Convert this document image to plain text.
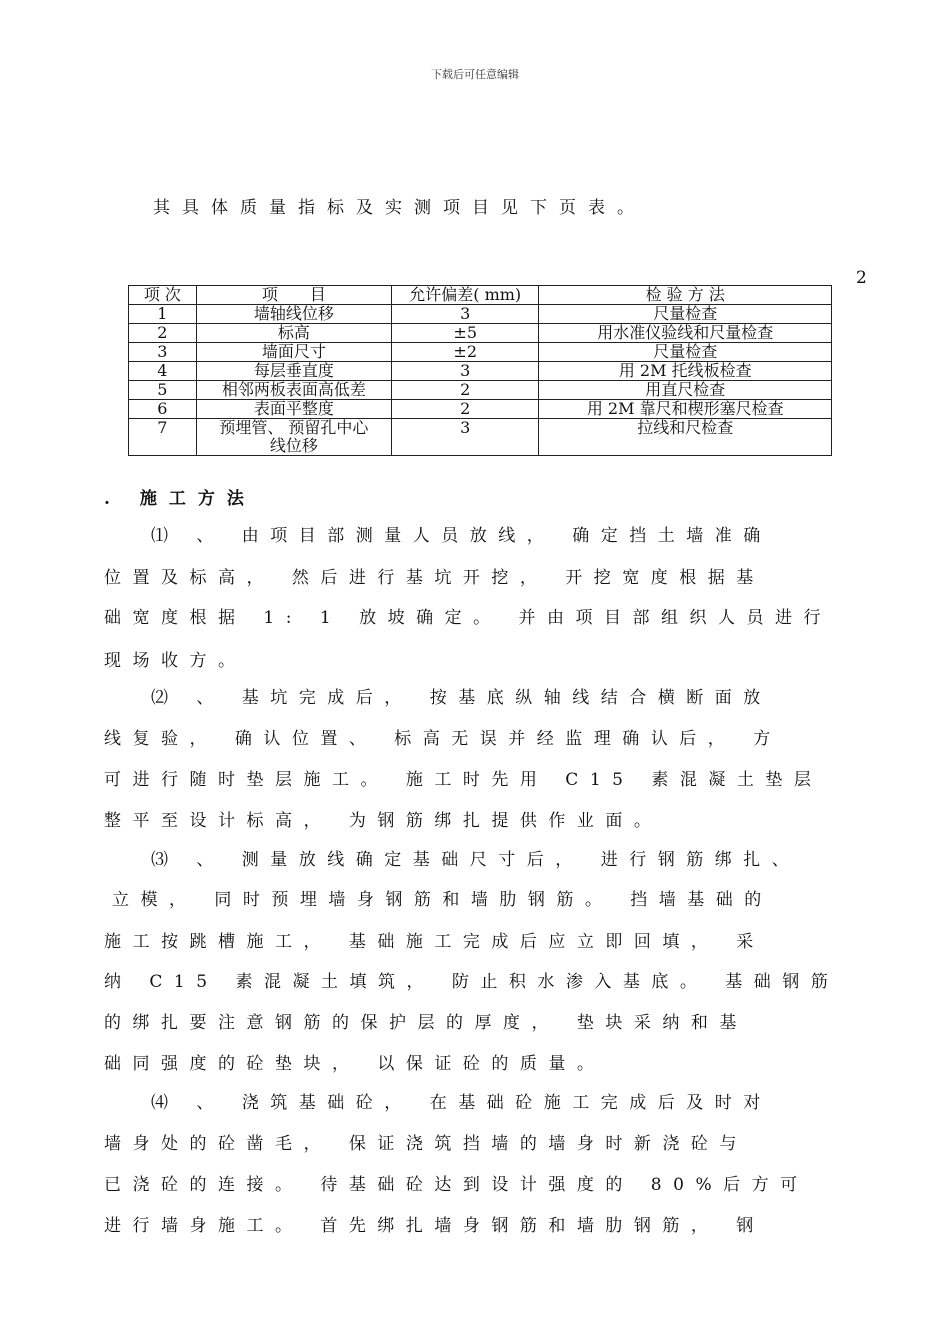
下载后可任意编辑
其具体质量指标及实测项目见下页表。
2
项 次	项　　目	允许偏差( mm)	检 验 方 法
1	墙轴线位移	3	尺量检查
2	标高	±5	用水准仪验线和尺量检查
3	墙面尺寸	±2	尺量检查
4	每层垂直度	3	用 2M 托线板检查
5	相邻两板表面高低差	2	用直尺检查
6	表面平整度	2	用 2M 靠尺和楔形塞尺检查
7	预埋管、 预留孔中心线位移	3	拉线和尺检查
. 施工方法
⑴ 、 由项目部测量人员放线， 确定挡土墙准确
位置及标高， 然后进行基坑开挖， 开挖宽度根据基
础宽度根据 1: 1 放坡确定。 并由项目部组织人员进行
现场收方。
⑵ 、 基坑完成后， 按基底纵轴线结合横断面放
线复验， 确认位置、 标高无误并经监理确认后， 方
可进行随时垫层施工。 施工时先用 C15 素混凝土垫层
整平至设计标高， 为钢筋绑扎提供作业面。
⑶ 、 测量放线确定基础尺寸后， 进行钢筋绑扎、
立模， 同时预埋墙身钢筋和墙肋钢筋。 挡墙基础的
施工按跳槽施工， 基础施工完成后应立即回填， 采
纳 C15 素混凝土填筑， 防止积水渗入基底。 基础钢筋
的绑扎要注意钢筋的保护层的厚度， 垫块采纳和基
础同强度的砼垫块， 以保证砼的质量。
⑷ 、 浇筑基础砼， 在基础砼施工完成后及时对
墙身处的砼凿毛， 保证浇筑挡墙的墙身时新浇砼与
已浇砼的连接。 待基础砼达到设计强度的 80%后方可
进行墙身施工。 首先绑扎墙身钢筋和墙肋钢筋， 钢
